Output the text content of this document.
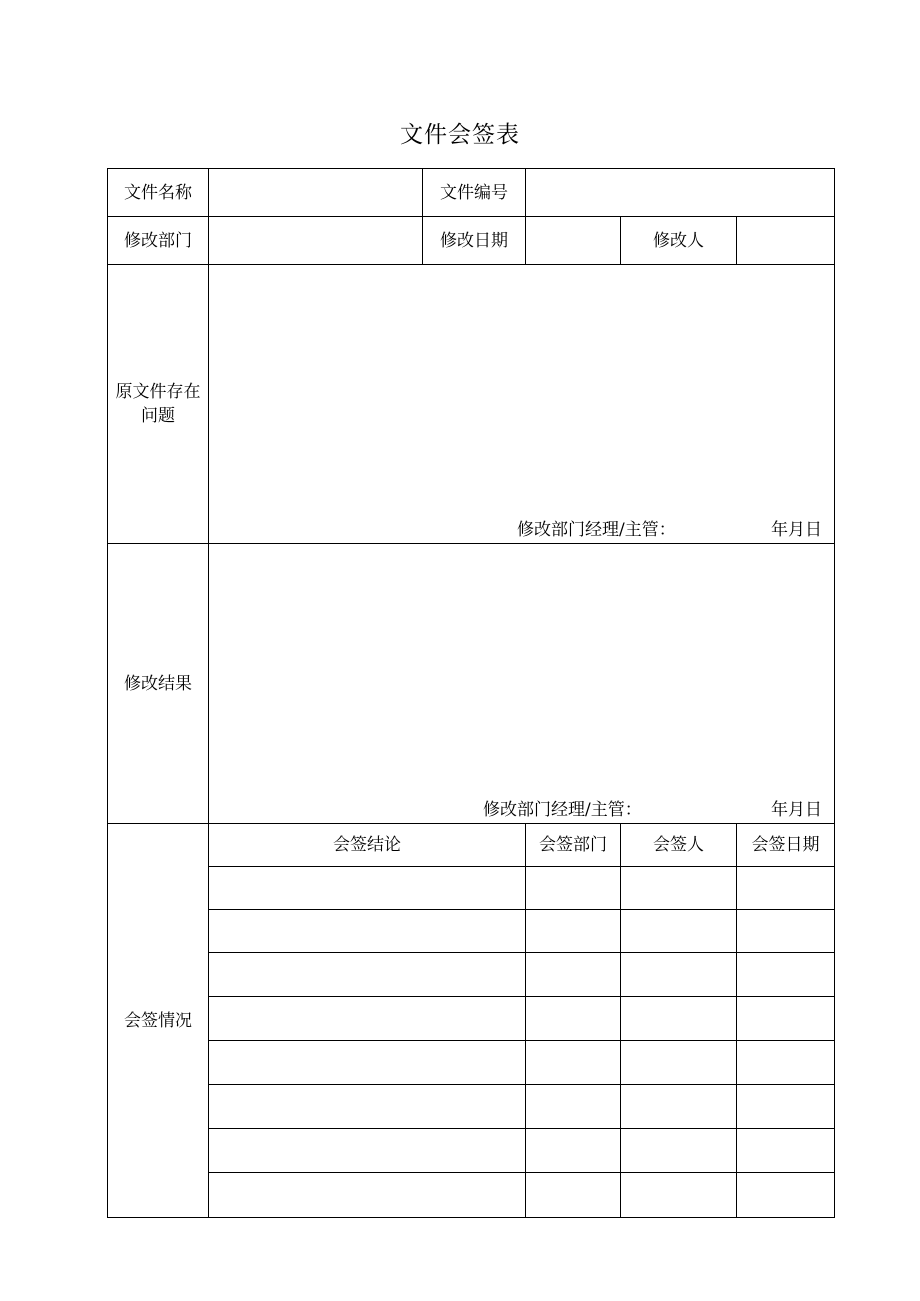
文件会签表
文件名称		文件编号			
修改部门		修改日期		修改人	
原文件存在问题	修改部门经理/主管： 年月日				

修改结果	修改部门经理/主管： 年月日				

会签情况	会签结论		会签部门	会签人	会签日期
